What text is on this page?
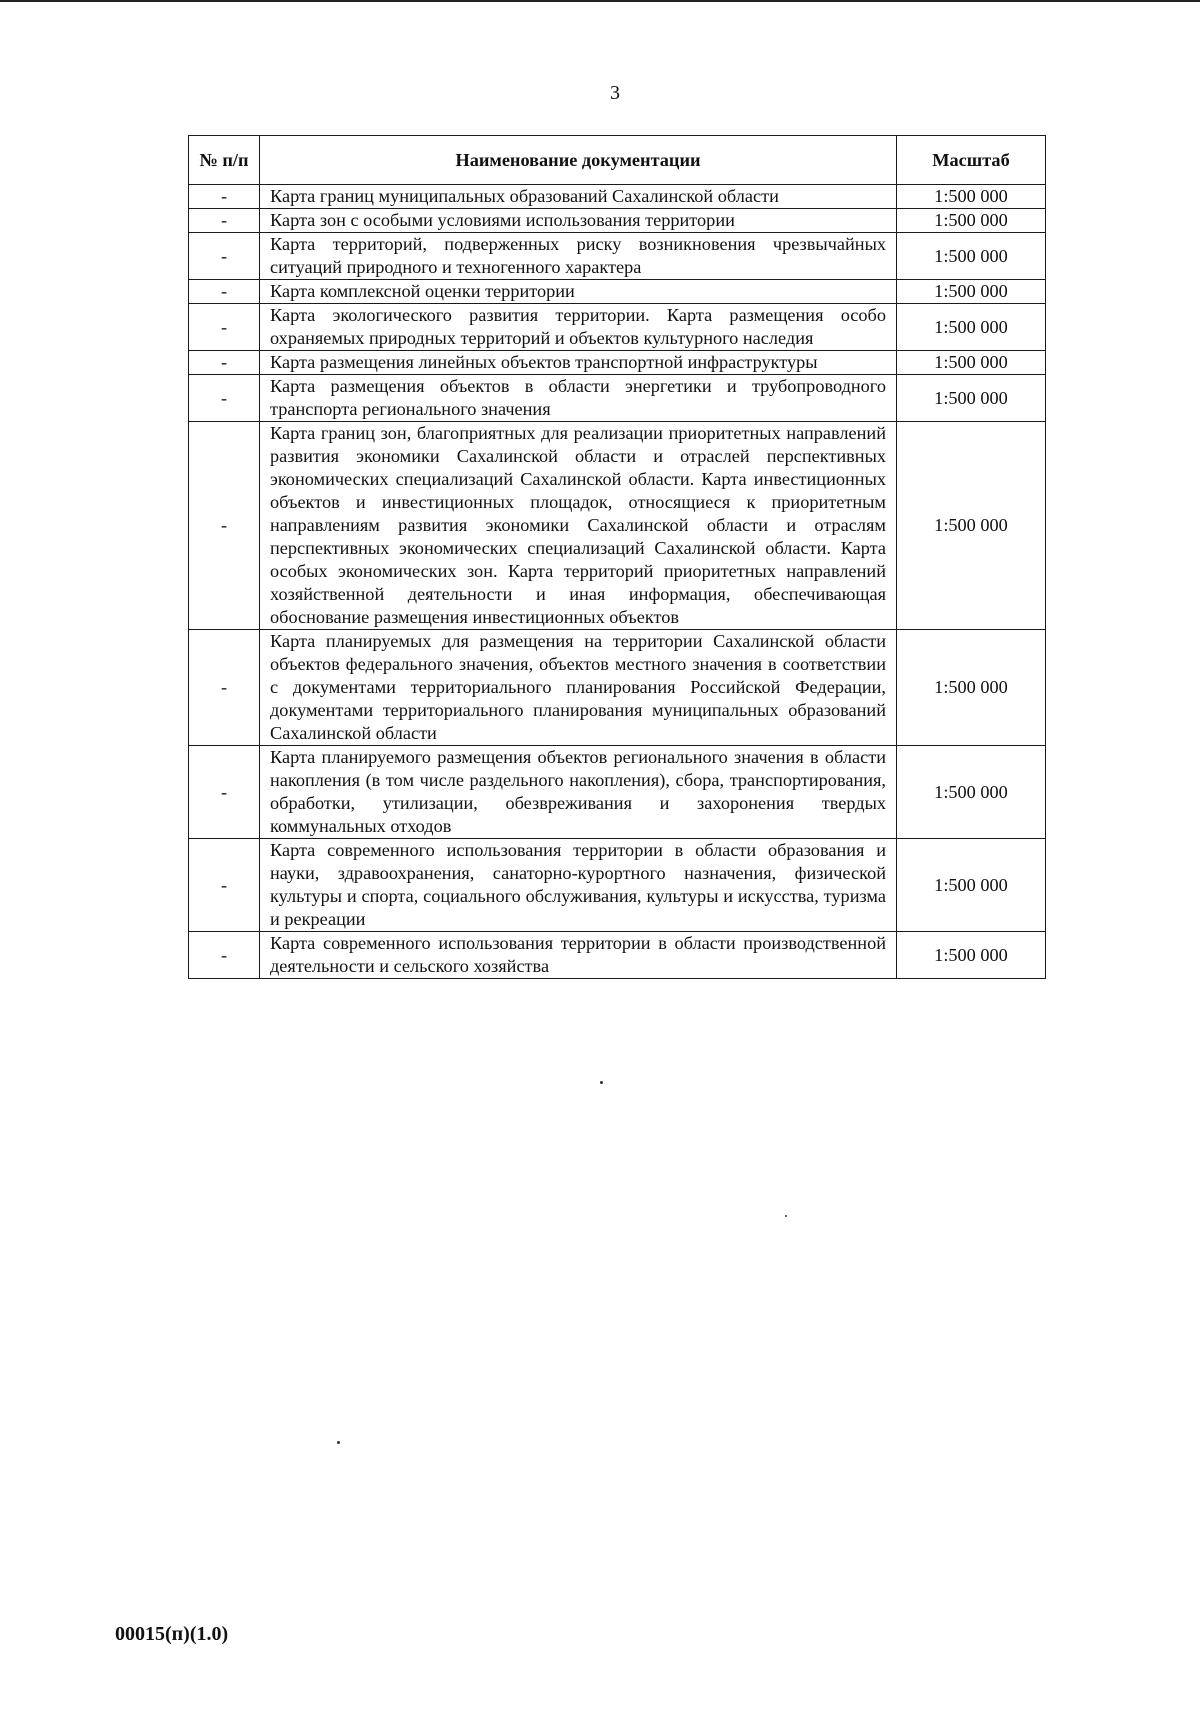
3
№ п/п	Наименование документации	Масштаб
-	Карта границ муниципальных образований Сахалинской области	1:500 000
-	Карта зон с особыми условиями использования территории	1:500 000
-	Карта территорий, подверженных риску возникновения чрезвычайных ситуаций природного и техногенного характера	1:500 000
-	Карта комплексной оценки территории	1:500 000
-	Карта экологического развития территории. Карта размещения особо охраняемых природных территорий и объектов культурного наследия	1:500 000
-	Карта размещения линейных объектов транспортной инфраструктуры	1:500 000
-	Карта размещения объектов в области энергетики и трубопроводного транспорта регионального значения	1:500 000
-	Карта границ зон, благоприятных для реализации приоритетных направлений развития экономики Сахалинской области и отраслей перспективных экономических специализаций Сахалинской области. Карта инвестиционных объектов и инвестиционных площадок, относящиеся к приоритетным направлениям развития экономики Сахалинской области и отраслям перспективных экономических специализаций Сахалинской области. Карта особых экономических зон. Карта территорий приоритетных направлений хозяйственной деятельности и иная информация, обеспечивающая обоснование размещения инвестиционных объектов	1:500 000
-	Карта планируемых для размещения на территории Сахалинской области объектов федерального значения, объектов местного значения в соответствии с документами территориального планирования Российской Федерации, документами территориального планирования муниципальных образований Сахалинской области	1:500 000
-	Карта планируемого размещения объектов регионального значения в области накопления (в том числе раздельного накопления), сбора, транспортирования, обработки, утилизации, обезвреживания и захоронения твердых коммунальных отходов	1:500 000
-	Карта современного использования территории в области образования и науки, здравоохранения, санаторно-курортного назначения, физической культуры и спорта, социального обслуживания, культуры и искусства, туризма и рекреации	1:500 000
-	Карта современного использования территории в области производственной деятельности и сельского хозяйства	1:500 000
00015(п)(1.0)
